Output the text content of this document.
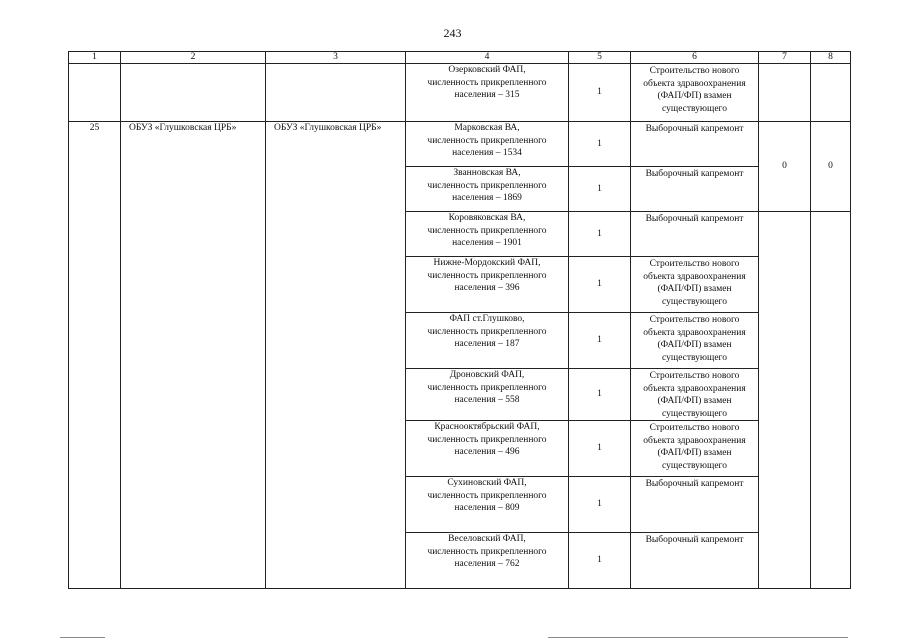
243
1	2	3	4	5	6	7	8

			Озерковский ФАП,
численность прикрепленного
населения – 315	1	Строительство нового
объекта здравоохранения
(ФАП/ФП) взамен
существующего		

25	ОБУЗ «Глушковская ЦРБ»	ОБУЗ «Глушковская ЦРБ»	Марковская ВА,
численность прикрепленного
населения – 1534	1	Выборочный капремонт	0	0

			Званновская ВА,
численность прикрепленного
населения – 1869	1	Выборочный капремонт		

			Коровяковская ВА,
численность прикрепленного
населения – 1901	1	Выборочный капремонт		

			Нижне-Мордокский ФАП,
численность прикрепленного
населения – 396	1	Строительство нового
объекта здравоохранения
(ФАП/ФП) взамен
существующего		

			ФАП ст.Глушково,
численность прикрепленного
населения – 187	1	Строительство нового
объекта здравоохранения
(ФАП/ФП) взамен
существующего		

			Дроновский ФАП,
численность прикрепленного
населения – 558	1	Строительство нового
объекта здравоохранения
(ФАП/ФП) взамен
существующего		

			Краснооктябрьский ФАП,
численность прикрепленного
населения – 496	1	Строительство нового
объекта здравоохранения
(ФАП/ФП) взамен
существующего		

			Сухиновский ФАП,
численность прикрепленного
населения – 809	1	Выборочный капремонт		

			Веселовский ФАП,
численность прикрепленного
населения – 762	1	Выборочный капремонт		
